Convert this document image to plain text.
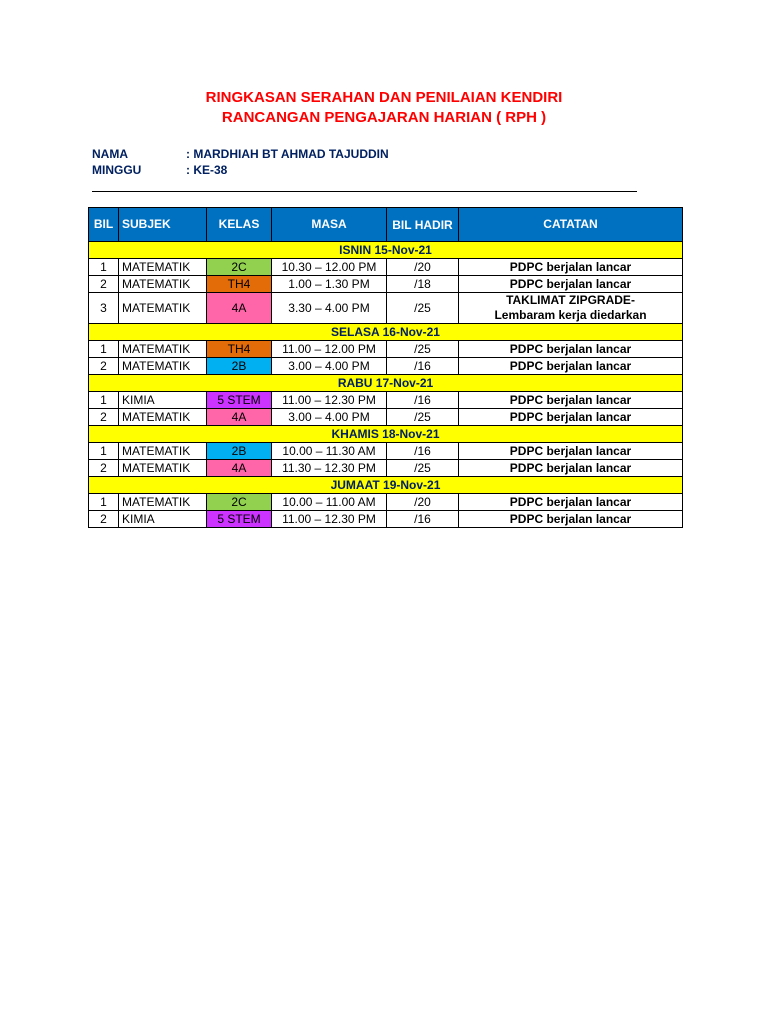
RINGKASAN SERAHAN DAN PENILAIAN KENDIRI
RANCANGAN PENGAJARAN HARIAN ( RPH )
NAMA	: MARDHIAH BT AHMAD TAJUDDIN
MINGGU	: KE-38
BIL	SUBJEK	KELAS	MASA	BIL HADIR	CATATAN
ISNIN 15-Nov-21					
1	MATEMATIK	2C	10.30 – 12.00 PM	/20	PDPC berjalan lancar

2	MATEMATIK	TH4	1.00 – 1.30 PM	/18	PDPC berjalan lancar

3	MATEMATIK	4A	3.30 – 4.00 PM	/25	TAKLIMAT ZIPGRADE-
Lembaram kerja diedarkan

SELASA 16-Nov-21					
1	MATEMATIK	TH4	11.00 – 12.00 PM	/25	PDPC berjalan lancar

2	MATEMATIK	2B	3.00 – 4.00 PM	/16	PDPC berjalan lancar

RABU 17-Nov-21					
1	KIMIA	5 STEM	11.00 – 12.30 PM	/16	PDPC berjalan lancar

2	MATEMATIK	4A	3.00 – 4.00 PM	/25	PDPC berjalan lancar

KHAMIS 18-Nov-21					
1	MATEMATIK	2B	10.00 – 11.30 AM	/16	PDPC berjalan lancar

2	MATEMATIK	4A	11.30 – 12.30 PM	/25	PDPC berjalan lancar

JUMAAT 19-Nov-21					
1	MATEMATIK	2C	10.00 – 11.00 AM	/20	PDPC berjalan lancar

2	KIMIA	5 STEM	11.00 – 12.30 PM	/16	PDPC berjalan lancar
